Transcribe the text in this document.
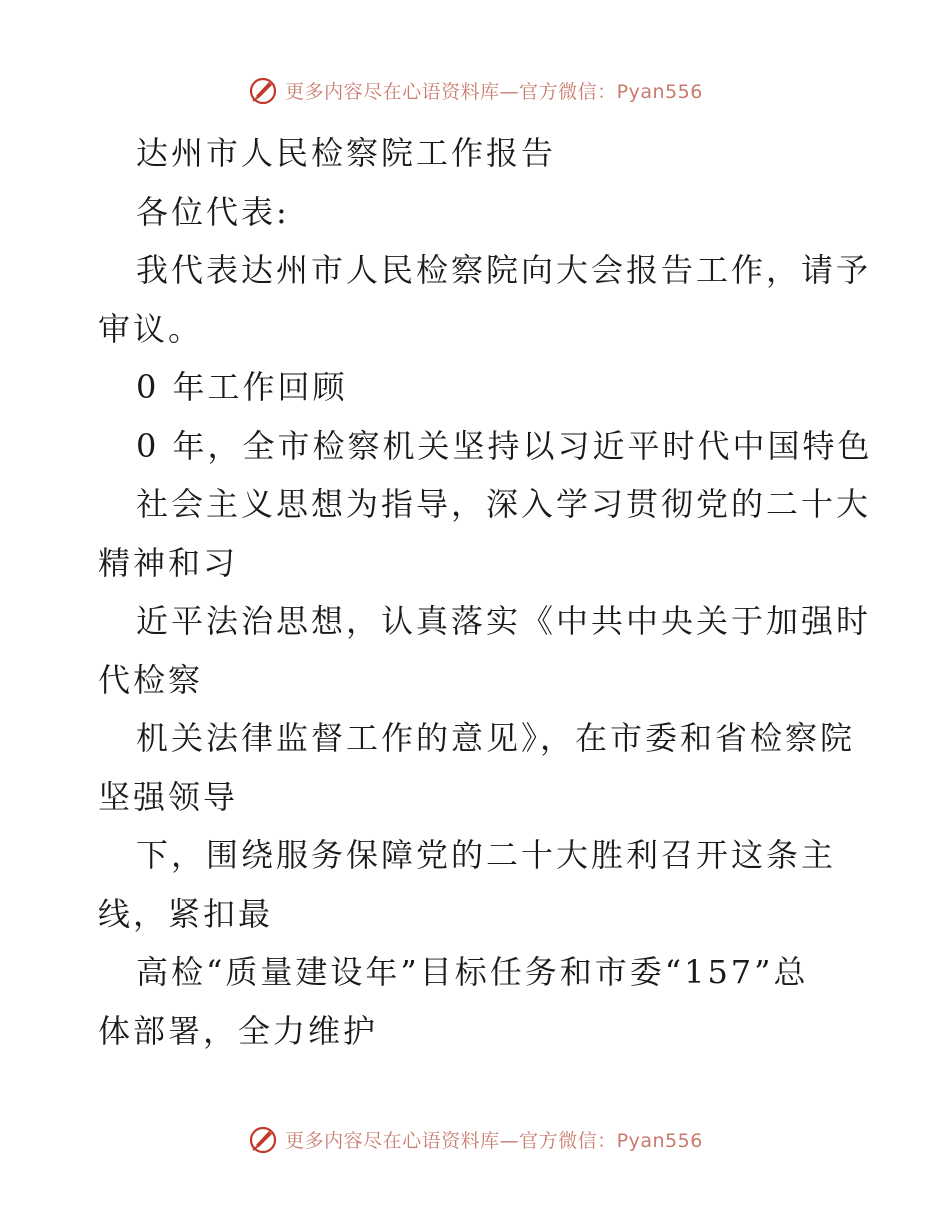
更多内容尽在心语资料库—官方微信：Pyan556
达州市人民检察院工作报告
各位代表:
我代表达州市人民检察院向大会报告工作，请予
审议。
0 年工作回顾
0 年，全市检察机关坚持以习近平时代中国特色
社会主义思想为指导，深入学习贯彻党的二十大
精神和习
近平法治思想，认真落实《中共中央关于加强时
代检察
机关法律监督工作的意见》，在市委和省检察院
坚强领导
下，围绕服务保障党的二十大胜利召开这条主
线，紧扣最
高检“质量建设年”目标任务和市委“157”总
体部署，全力维护
更多内容尽在心语资料库—官方微信：Pyan556
